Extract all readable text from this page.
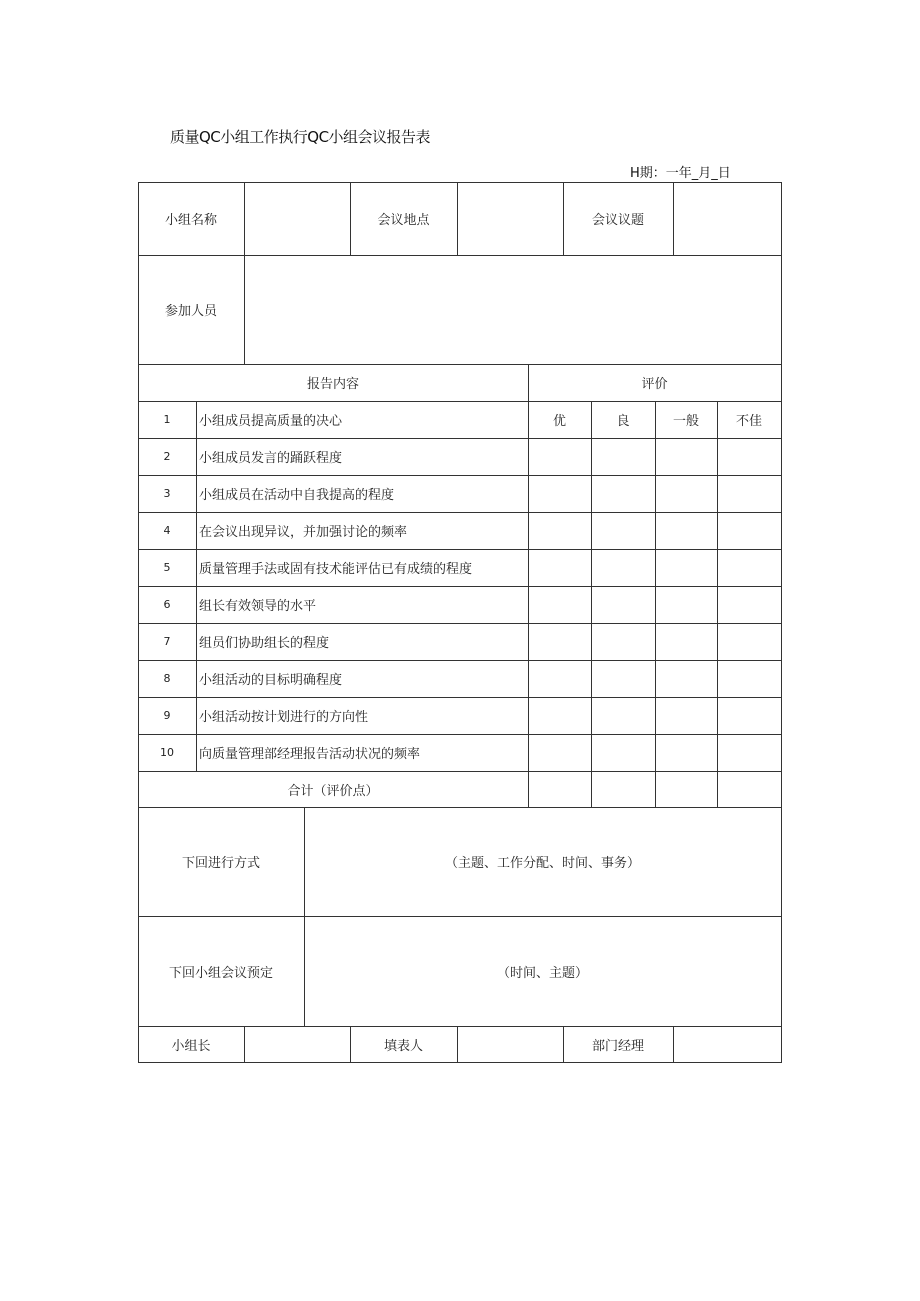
质量QC小组工作执行QC小组会议报告表
H期：一年_月_日
小组名称	会议地点	会议议题
参加人员
报告内容	评价
1	小组成员提高质量的决心	优	良	一般	不佳
2	小组成员发言的踊跃程度
3	小组成员在活动中自我提高的程度
4	在会议出现异议，并加强讨论的频率
5	质量管理手法或固有技术能评估已有成绩的程度
6	组长有效领导的水平
7	组员们协助组长的程度
8	小组活动的目标明确程度
9	小组活动按计划进行的方向性
10	向质量管理部经理报告活动状况的频率
合计（评价点）
下回进行方式	（主题、工作分配、时间、事务）
下回小组会议预定	（时间、主题）
小组长	填表人	部门经理
